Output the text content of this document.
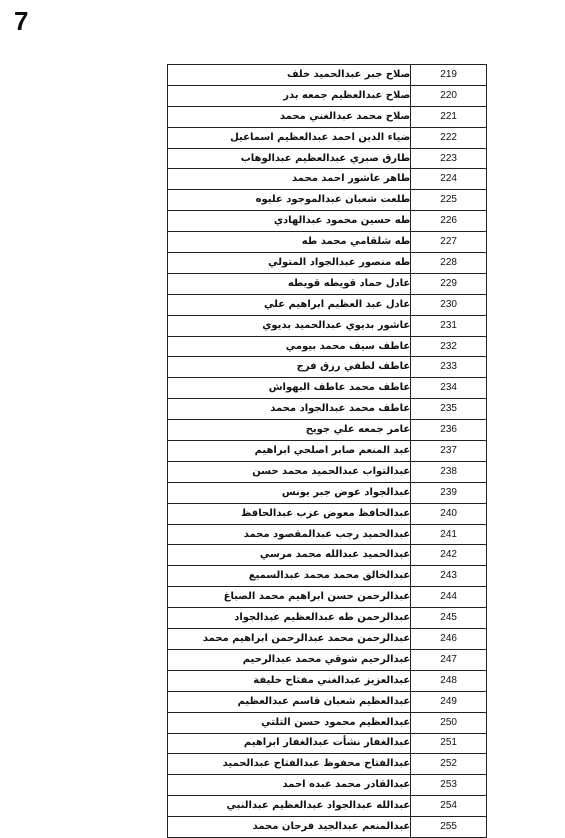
7
صلاح جبر عبدالحميد خلف	219
صلاح عبدالعظيم جمعه بدر	220
صلاح محمد عبدالغني محمد	221
ضياء الدين احمد عبدالعظيم اسماعيل	222
طارق صبري عبدالعظيم عبدالوهاب	223
طاهر عاشور احمد محمد	224
طلعت شعبان عبدالموجود عليوه	225
طه حسين محمود عبدالهادي	226
طه شلقامي محمد طه	227
طه منصور عبدالجواد المتولي	228
عادل حماد قويطه قويطه	229
عادل عبد العظيم ابراهيم علي	230
عاشور بديوي عبدالحميد بديوي	231
عاطف سيف محمد بيومي	232
عاطف لطفي رزق فرج	233
عاطف محمد عاطف البهواش	234
عاطف محمد عبدالجواد محمد	235
عامر جمعه علي جويح	236
عبد المنعم صابر اصلحي ابراهيم	237
عبدالتواب عبدالحميد محمد حسن	238
عبدالجواد عوض جبر يونس	239
عبدالحافظ معوض عزب عبدالحافظ	240
عبدالحميد رجب عبدالمقصود محمد	241
عبدالحميد عبدالله محمد مرسي	242
عبدالخالق محمد محمد عبدالسميع	243
عبدالرحمن حسن ابراهيم محمد الصباغ	244
عبدالرحمن طه عبدالعظيم عبدالجواد	245
عبدالرحمن محمد عبدالرحمن ابراهيم محمد	246
عبدالرحيم شوقي محمد عبدالرحيم	247
عبدالعزيز عبدالغني مفتاح خليفة	248
عبدالعظيم شعبان قاسم عبدالعظيم	249
عبدالعظيم محمود حسن التلتي	250
عبدالغفار نشأت عبدالغفار ابراهيم	251
عبدالفتاح محفوظ عبدالفتاح عبدالحميد	252
عبدالقادر محمد عبده احمد	253
عبدالله عبدالجواد عبدالعظيم عبدالنبي	254
عبدالمنعم عبدالجيد فرحان محمد	255
